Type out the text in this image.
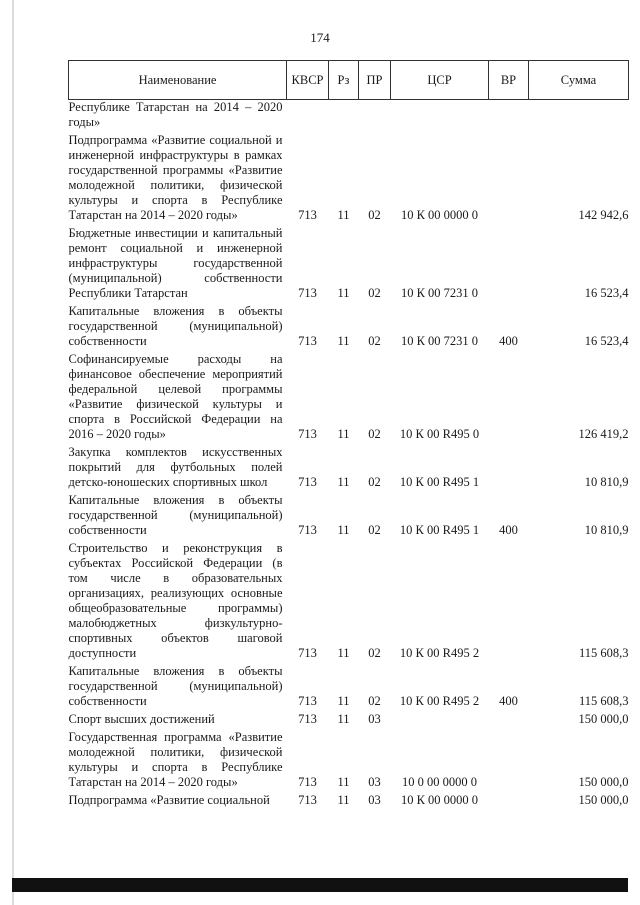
174
Наименование	КВСР	Рз	ПР	ЦСР	ВР	Сумма
Республике Татарстан на 2014 – 2020 годы»						
Подпрограмма «Развитие социальной и инженерной инфраструктуры в рамках государственной программы «Развитие молодежной политики, физической культуры и спорта в Республике Татарстан на 2014 – 2020 годы»	713	11	02	10 К 00 0000 0		142 942,6
Бюджетные инвестиции и капитальный ремонт социальной и инженерной инфраструктуры государственной (муниципальной) собственности Республики Татарстан	713	11	02	10 К 00 7231 0		16 523,4
Капитальные вложения в объекты государственной (муниципальной) собственности	713	11	02	10 К 00 7231 0	400	16 523,4
Софинансируемые расходы на финансовое обеспечение мероприятий федеральной целевой программы «Развитие физической культуры и спорта в Российской Федерации на 2016 – 2020 годы»	713	11	02	10 К 00 R495 0		126 419,2
Закупка комплектов искусственных покрытий для футбольных полей детско-юношеских спортивных школ	713	11	02	10 К 00 R495 1		10 810,9
Капитальные вложения в объекты государственной (муниципальной) собственности	713	11	02	10 К 00 R495 1	400	10 810,9
Строительство и реконструкция в субъектах Российской Федерации (в том числе в образовательных организациях, реализующих основные общеобразовательные программы) малобюджетных физкультурно-спортивных объектов шаговой доступности	713	11	02	10 К 00 R495 2		115 608,3
Капитальные вложения в объекты государственной (муниципальной) собственности	713	11	02	10 К 00 R495 2	400	115 608,3
Спорт высших достижений	713	11	03			150 000,0
Государственная программа «Развитие молодежной политики, физической культуры и спорта в Республике Татарстан на 2014 – 2020 годы»	713	11	03	10 0 00 0000 0		150 000,0
Подпрограмма «Развитие социальной	713	11	03	10 К 00 0000 0		150 000,0
